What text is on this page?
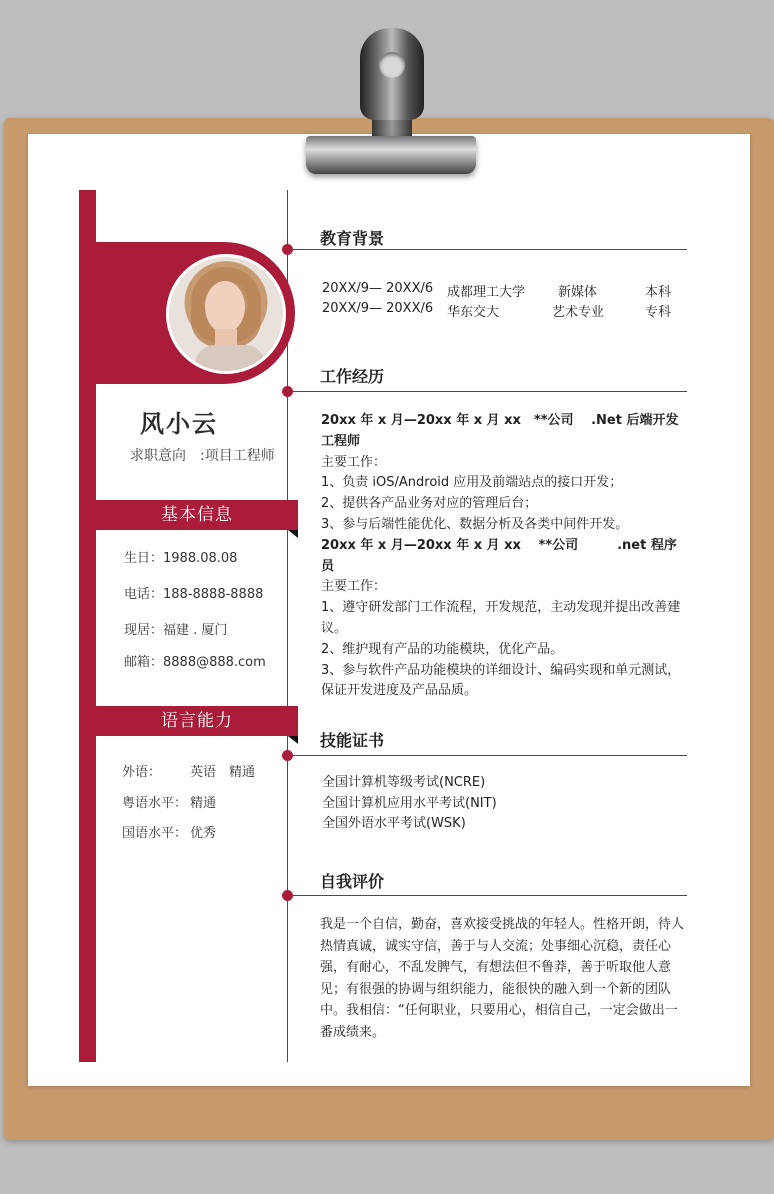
风小云
求职意向 :项目工程师
基本信息
生日：1988.08.08
电话：188-8888-8888
现居：福建 . 厦门
邮箱：8888@888.com
语言能力
外语： 英语　精通
粤语水平： 精通
国语水平： 优秀
教育背景
20XX/9— 20XX/6 成都理工大学	新媒体	本科
20XX/9— 20XX/6 华东交大	艺术专业	专科
工作经历
20xx 年 x 月—20xx 年 x 月 xx　**公司　 .Net 后端开发工程师
主要工作：
1、负责 iOS/Android 应用及前端站点的接口开发；
2、提供各产品业务对应的管理后台；
3、参与后端性能优化、数据分析及各类中间件开发。
20xx 年 x 月—20xx 年 x 月 xx　 **公司　　　.net 程序员
主要工作：
1、遵守研发部门工作流程，开发规范，主动发现并提出改善建议。
2、维护现有产品的功能模块，优化产品。
3、参与软件产品功能模块的详细设计、编码实现和单元测试，保证开发进度及产品品质。
技能证书
全国计算机等级考试(NCRE)
全国计算机应用水平考试(NIT)
全国外语水平考试(WSK)
自我评价
我是一个自信，勤奋，喜欢接受挑战的年轻人。性格开朗，待人热情真诚，诚实守信，善于与人交流；处事细心沉稳，责任心强，有耐心，不乱发脾气，有想法但不鲁莽，善于听取他人意见；有很强的协调与组织能力，能很快的融入到一个新的团队中。我相信：“任何职业，只要用心，相信自己，一定会做出一番成绩来。
